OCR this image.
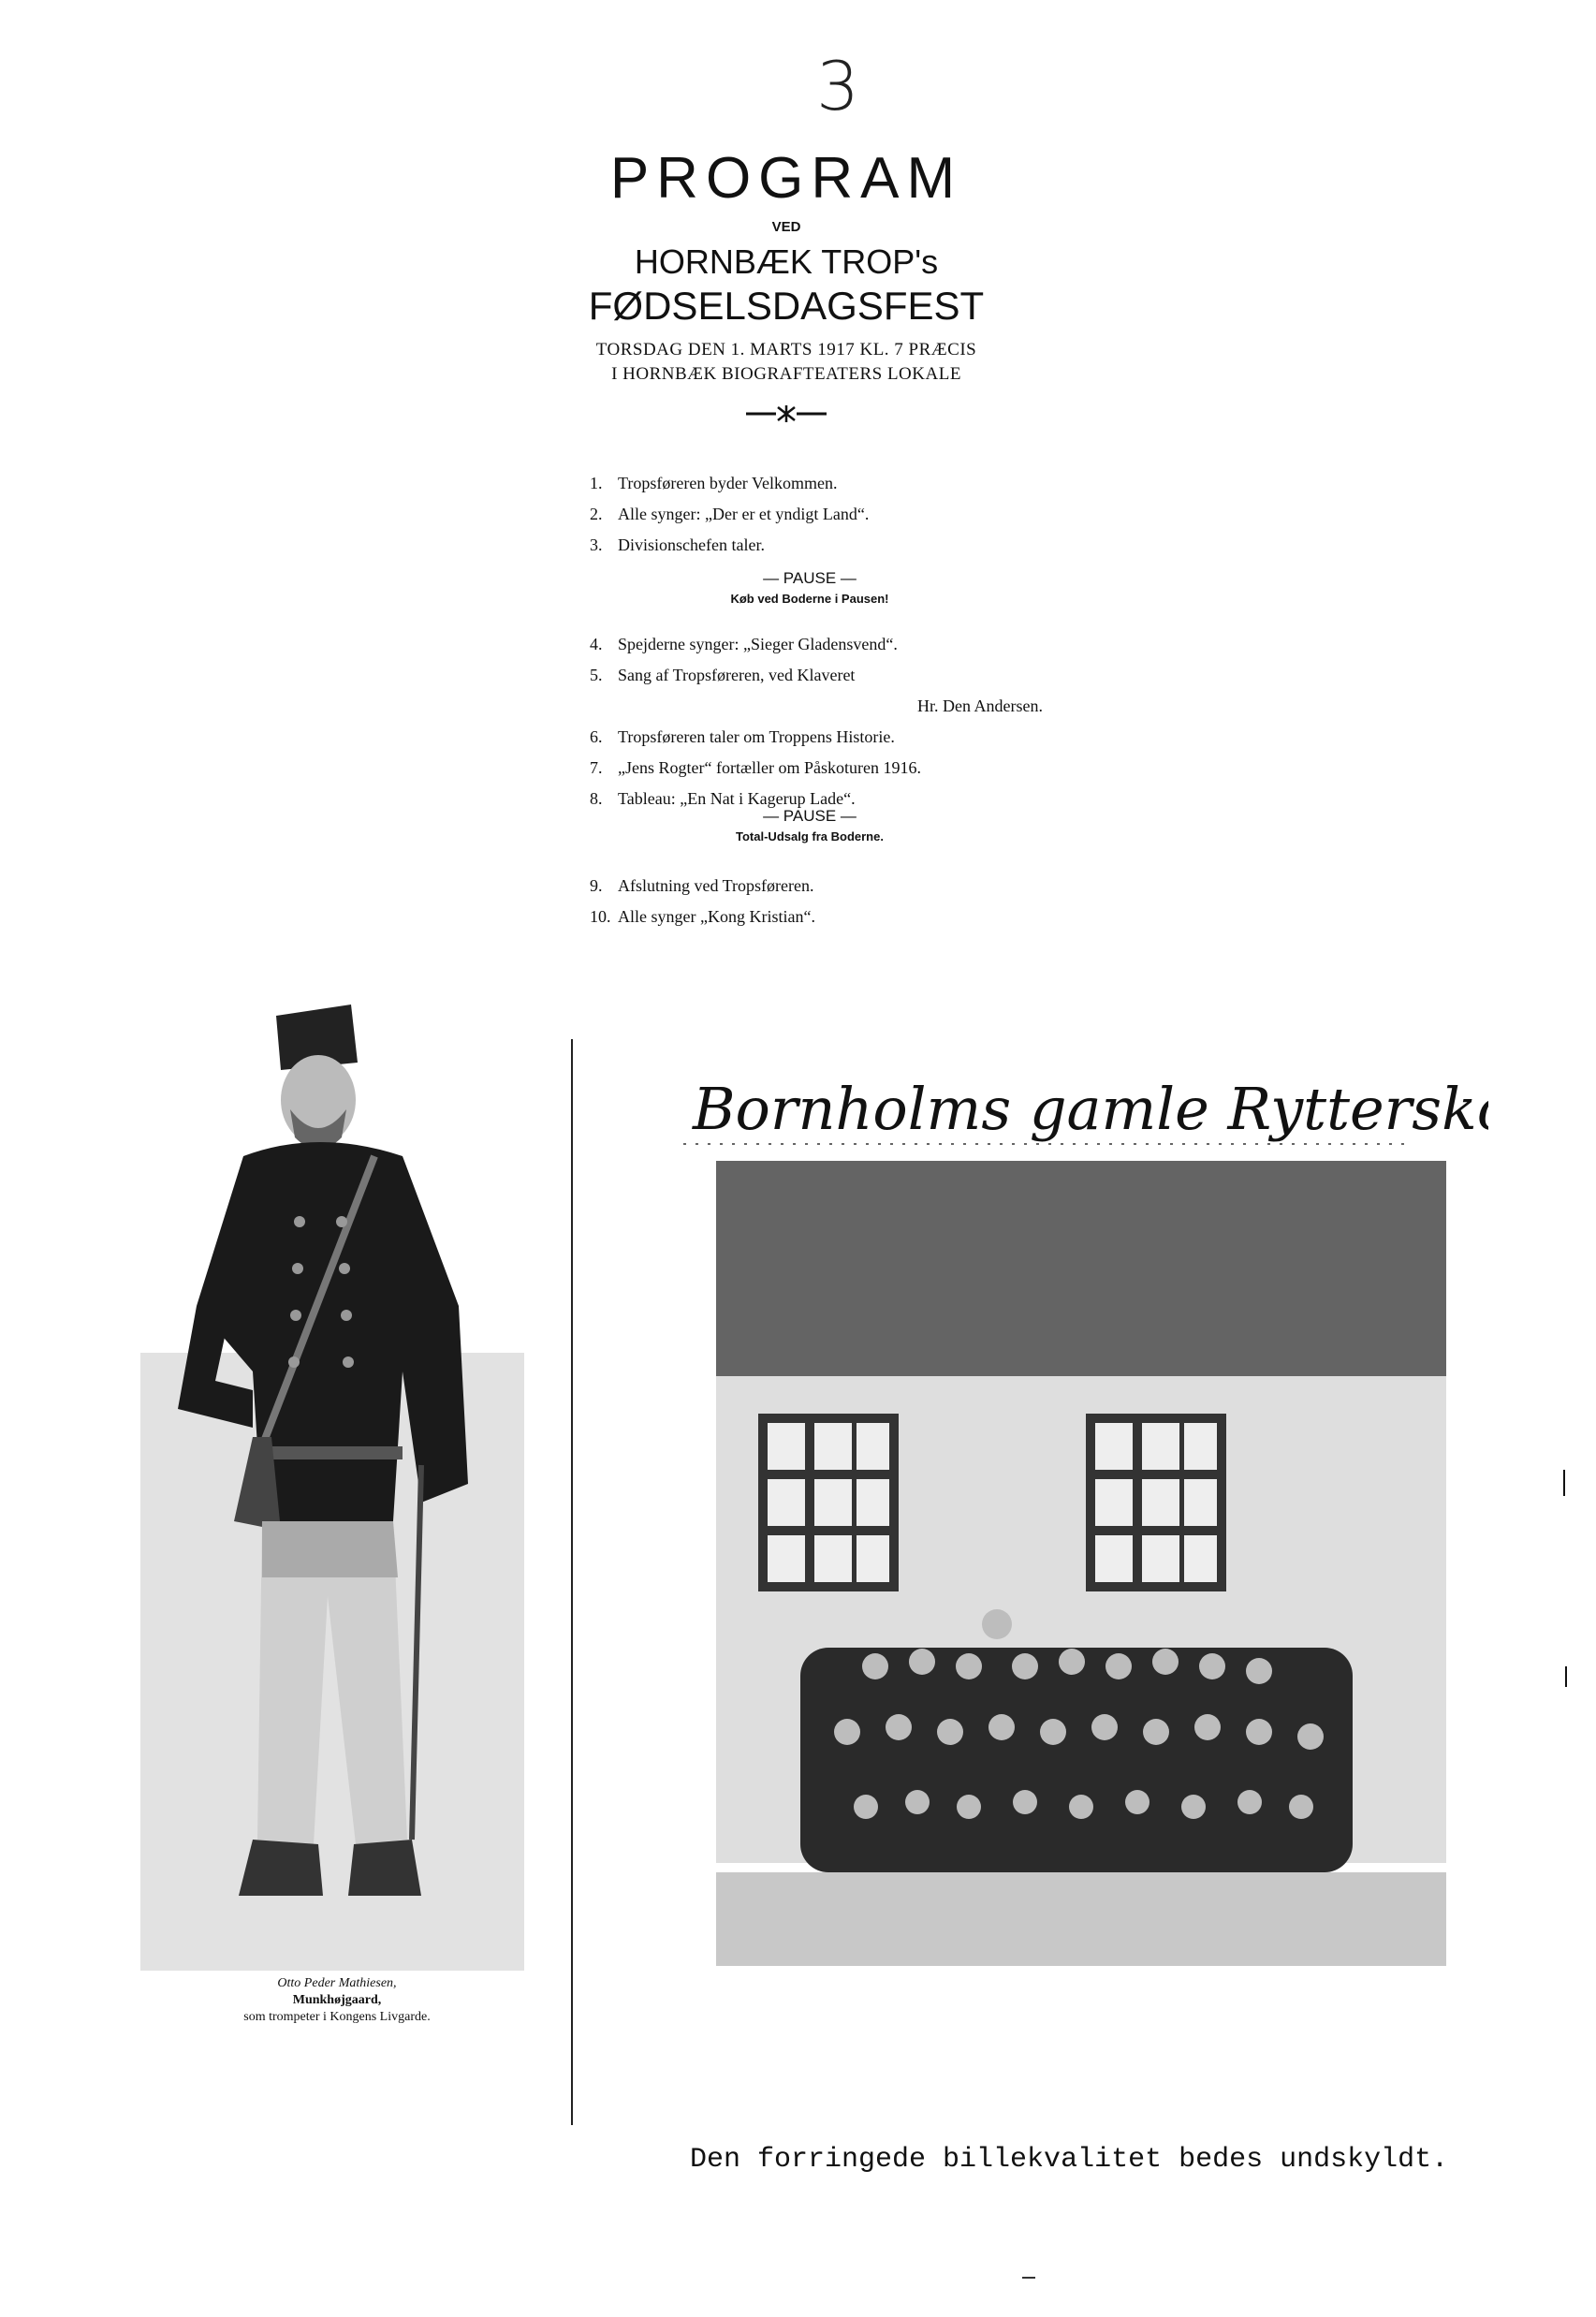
3
PROGRAM
VED
HORNBÆK TROP's
FØDSELSDAGSFEST
TORSDAG DEN 1. MARTS 1917 KL. 7 PRÆCIS
I HORNBÆK BIOGRAFTEATERS LOKALE
1. Tropsføreren byder Velkommen.
2. Alle synger: „Der er et yndigt Land“.
3. Divisionschefen taler.
— PAUSE —
Køb ved Boderne i Pausen!
4. Spejderne synger: „Sieger Gladensvend“.
5. Sang af Tropsføreren, ved Klaveret
Hr. Den Andersen.
6. Tropsføreren taler om Troppens Historie.
7. „Jens Rogter“ fortæller om Påskoturen 1916.
8. Tableau: „En Nat i Kagerup Lade“.
— PAUSE —
Total-Udsalg fra Boderne.
9. Afslutning ved Tropsføreren.
10. Alle synger „Kong Kristian“.
Otto Peder Mathiesen,
Munkhøjgaard,
som trompeter i Kongens Livgarde.
Bornholms gamle Rytterskole
Den forringede billekvalitet bedes undskyldt.
